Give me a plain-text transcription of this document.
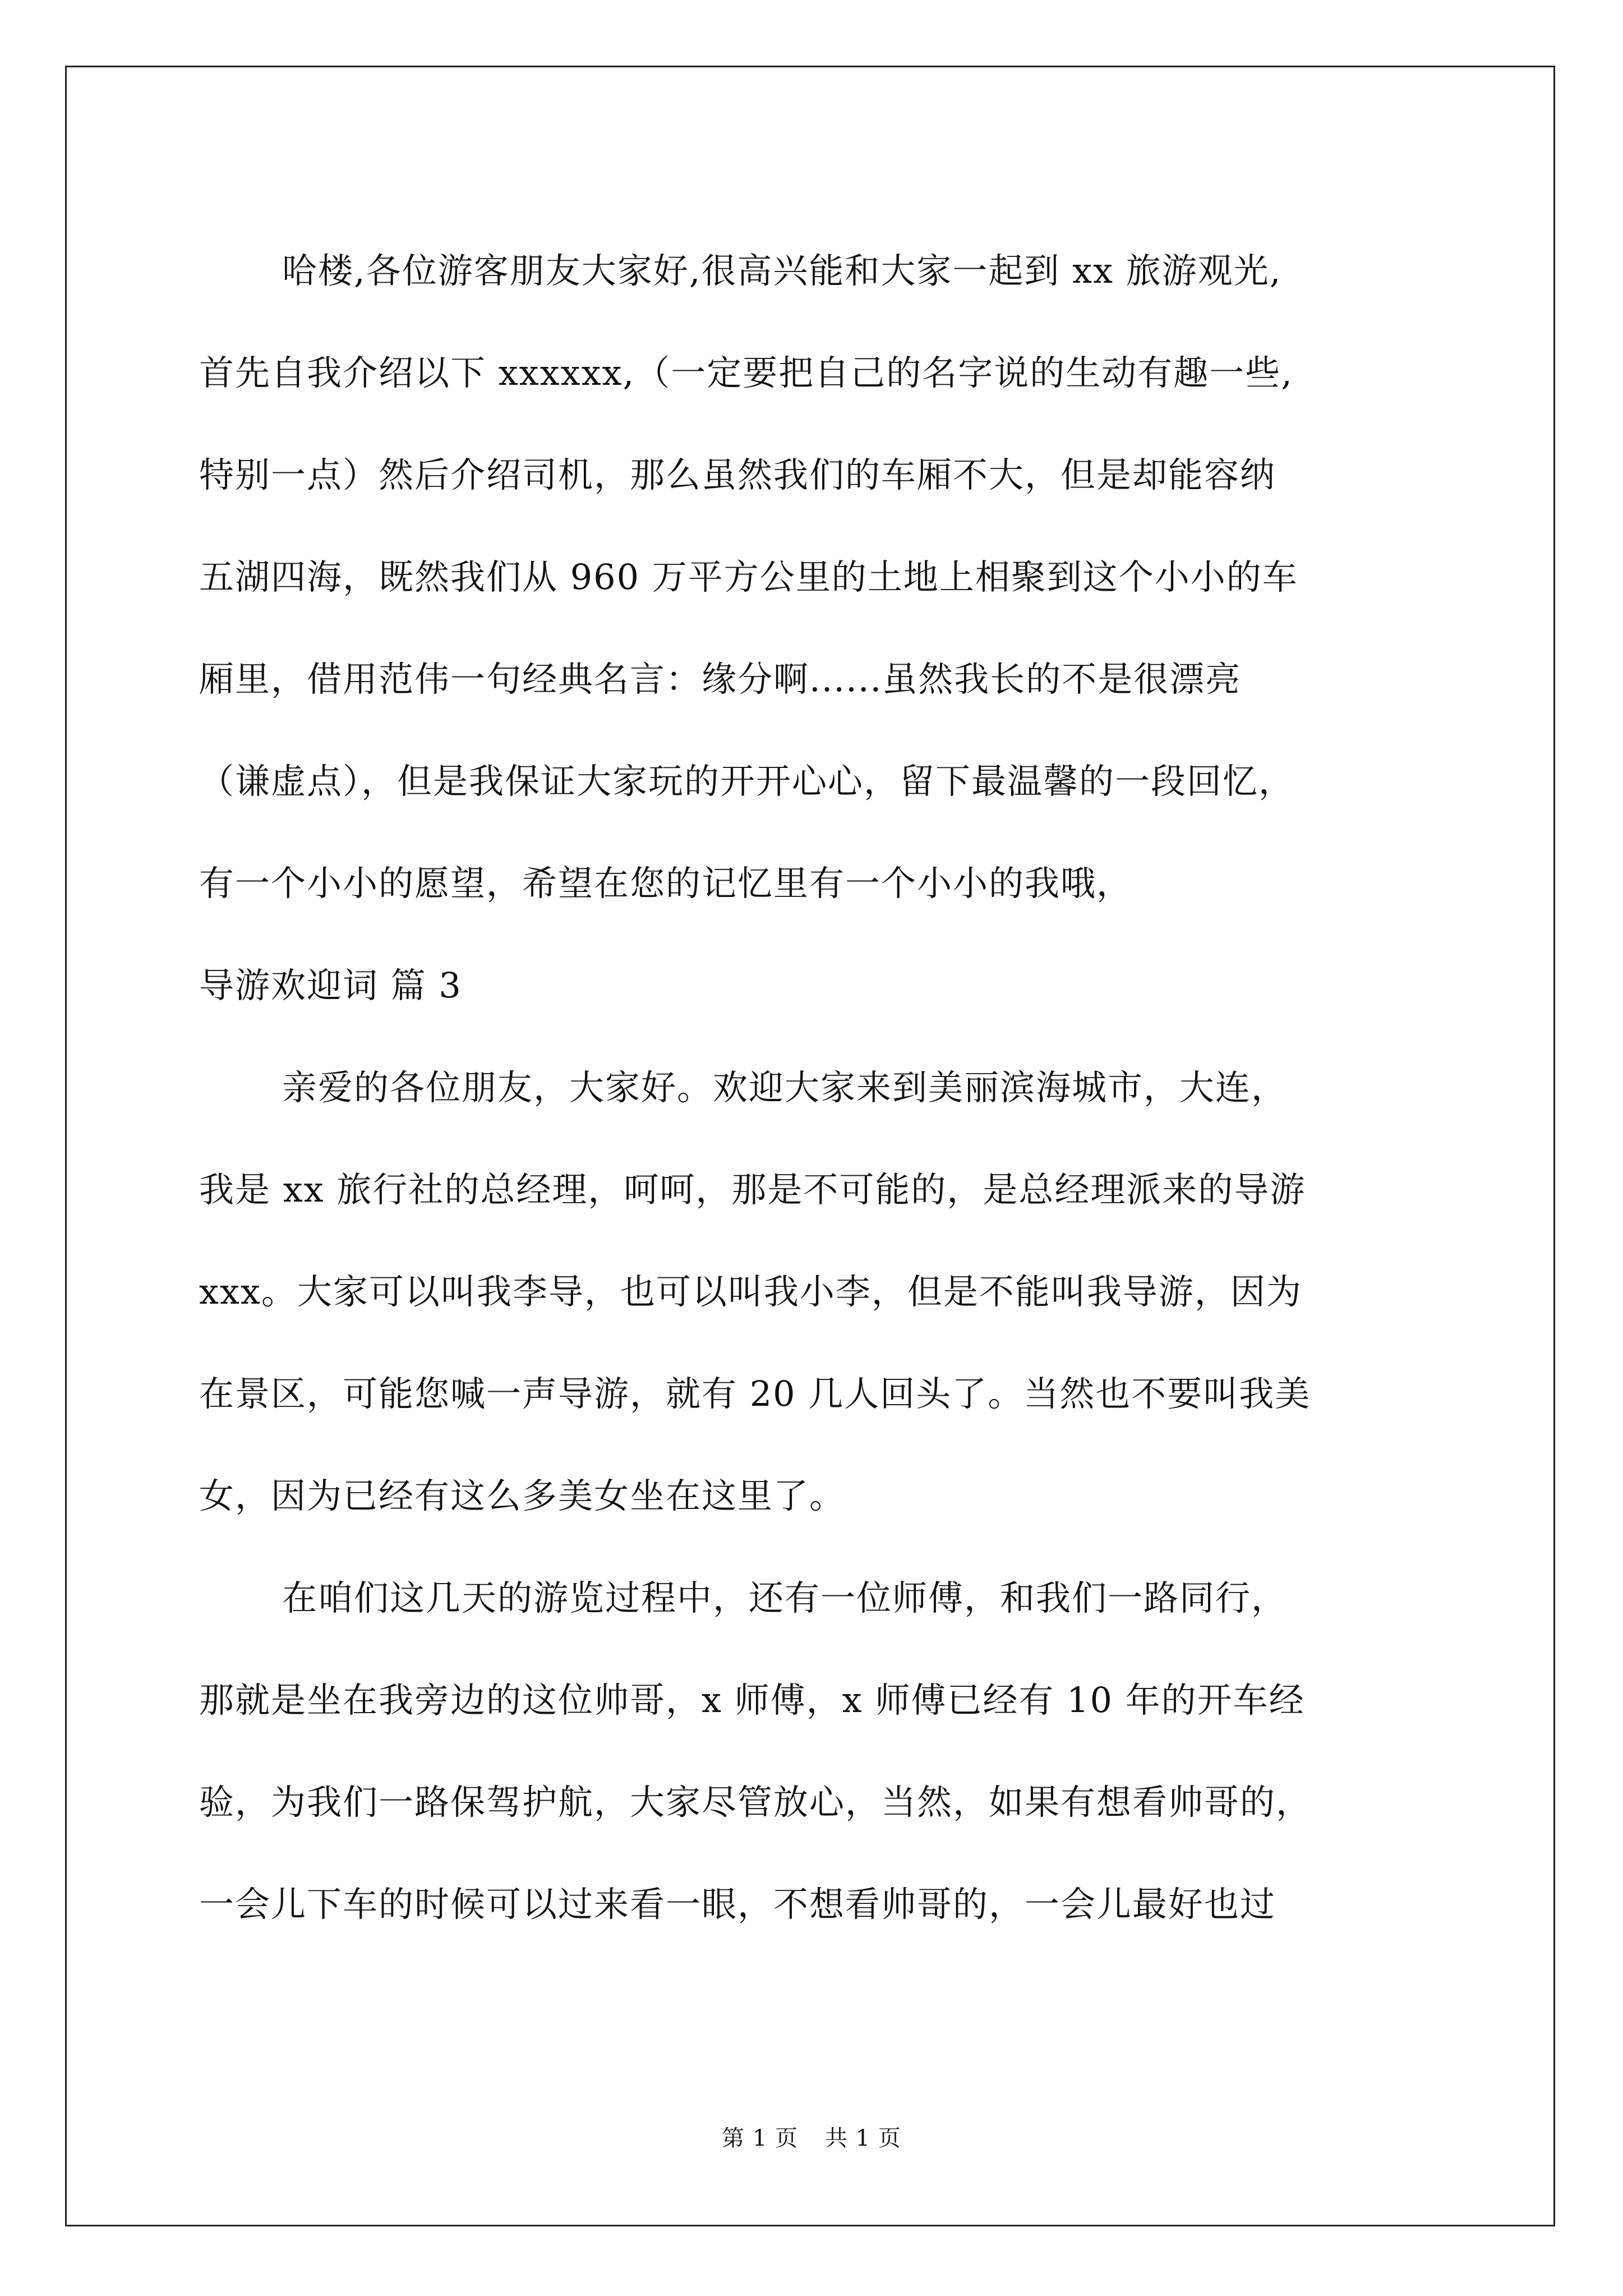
哈楼,各位游客朋友大家好,很高兴能和大家一起到 xx 旅游观光,
首先自我介绍以下 xxxxxx,（一定要把自己的名字说的生动有趣一些,
特别一点）然后介绍司机，那么虽然我们的车厢不大，但是却能容纳
五湖四海，既然我们从 960 万平方公里的土地上相聚到这个小小的车
厢里，借用范伟一句经典名言：缘分啊......虽然我长的不是很漂亮
（谦虚点），但是我保证大家玩的开开心心，留下最温馨的一段回忆，
有一个小小的愿望，希望在您的记忆里有一个小小的我哦，
导游欢迎词 篇 3
亲爱的各位朋友，大家好。欢迎大家来到美丽滨海城市，大连，
我是 xx 旅行社的总经理，呵呵，那是不可能的，是总经理派来的导游
xxx。大家可以叫我李导，也可以叫我小李，但是不能叫我导游，因为
在景区，可能您喊一声导游，就有 20 几人回头了。当然也不要叫我美
女，因为已经有这么多美女坐在这里了。
在咱们这几天的游览过程中，还有一位师傅，和我们一路同行，
那就是坐在我旁边的这位帅哥，x 师傅，x 师傅已经有 10 年的开车经
验，为我们一路保驾护航，大家尽管放心，当然，如果有想看帅哥的，
一会儿下车的时候可以过来看一眼，不想看帅哥的，一会儿最好也过
第 1 页 共 1 页
